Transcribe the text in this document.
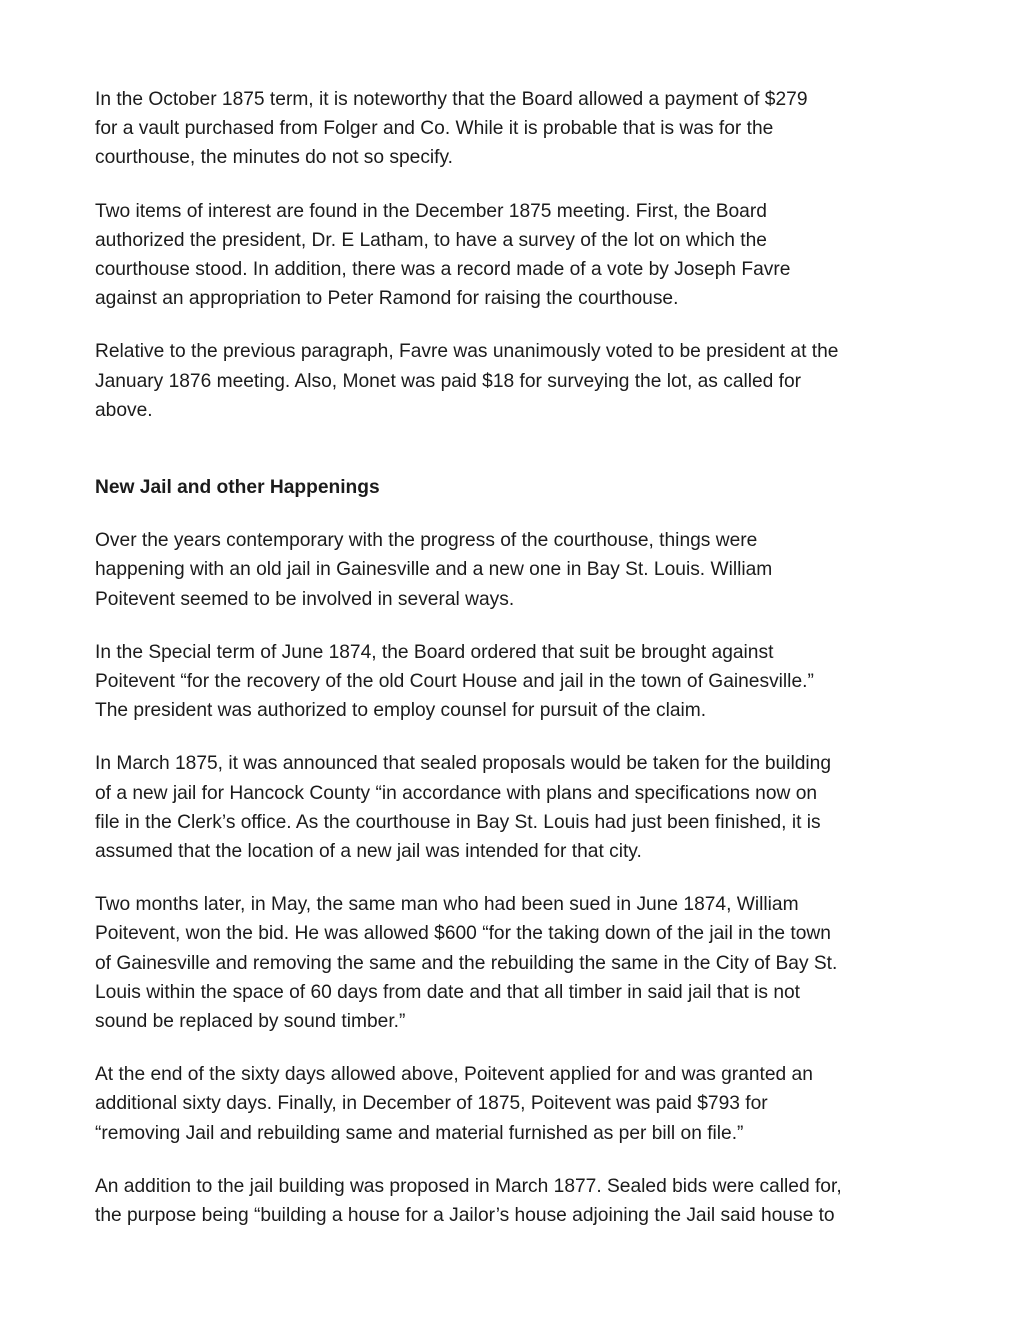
In the October 1875 term, it is noteworthy that the Board allowed a payment of $279
for a vault purchased from Folger and Co. While it is probable that is was for the
courthouse, the minutes do not so specify.

Two items of interest are found in the December 1875 meeting. First, the Board
authorized the president, Dr. E Latham, to have a survey of the lot on which the
courthouse stood. In addition, there was a record made of a vote by Joseph Favre
against an appropriation to Peter Ramond for raising the courthouse.

Relative to the previous paragraph, Favre was unanimously voted to be president at the
January 1876 meeting. Also, Monet was paid $18 for surveying the lot, as called for
above.

New Jail and other Happenings

Over the years contemporary with the progress of the courthouse, things were
happening with an old jail in Gainesville and a new one in Bay St. Louis. William
Poitevent seemed to be involved in several ways.

In the Special term of June 1874, the Board ordered that suit be brought against
Poitevent “for the recovery of the old Court House and jail in the town of Gainesville.”
The president was authorized to employ counsel for pursuit of the claim.

In March 1875, it was announced that sealed proposals would be taken for the building
of a new jail for Hancock County “in accordance with plans and specifications now on
file in the Clerk’s office. As the courthouse in Bay St. Louis had just been finished, it is
assumed that the location of a new jail was intended for that city.

Two months later, in May, the same man who had been sued in June 1874, William
Poitevent, won the bid. He was allowed $600 “for the taking down of the jail in the town
of Gainesville and removing the same and the rebuilding the same in the City of Bay St.
Louis within the space of 60 days from date and that all timber in said jail that is not
sound be replaced by sound timber.”

At the end of the sixty days allowed above, Poitevent applied for and was granted an
additional sixty days. Finally, in December of 1875, Poitevent was paid $793 for
“removing Jail and rebuilding same and material furnished as per bill on file.”

An addition to the jail building was proposed in March 1877. Sealed bids were called for,
the purpose being “building a house for a Jailor’s house adjoining the Jail said house to
